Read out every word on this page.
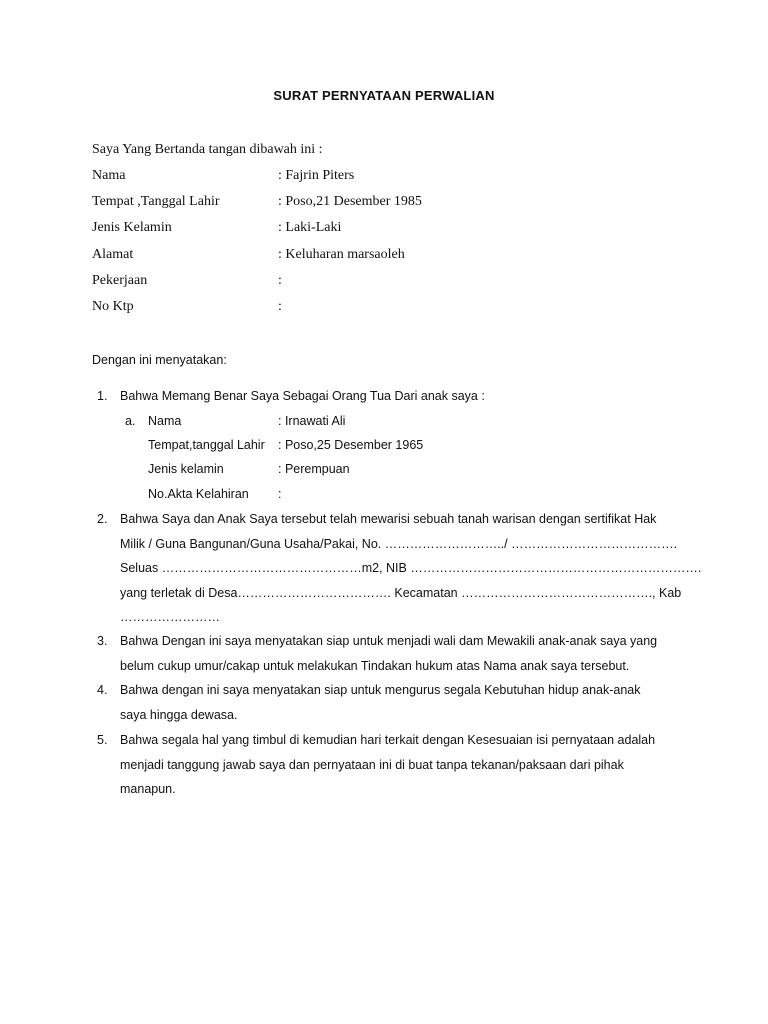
SURAT PERNYATAAN PERWALIAN
Saya Yang Bertanda tangan dibawah ini :
Nama	: Fajrin Piters
Tempat ,Tanggal Lahir	: Poso,21 Desember 1985
Jenis Kelamin	: Laki-Laki
Alamat	: Keluharan marsaoleh
Pekerjaan	:
No Ktp	:
Dengan ini menyatakan:
1. Bahwa Memang Benar Saya Sebagai Orang Tua Dari anak saya :
a. Nama	: Irnawati Ali
Tempat,tanggal Lahir : Poso,25 Desember 1965
Jenis kelamin	: Perempuan
No.Akta Kelahiran :
2. Bahwa Saya dan Anak Saya tersebut telah mewarisi sebuah tanah warisan dengan sertifikat Hak
Milik / Guna Bangunan/Guna Usaha/Pakai, No. ………………………../ ………………………………….
Seluas …………………………………………m2, NIB …………………………………………………………….
yang terletak di Desa………………………………. Kecamatan ………………………………………., Kab
……………………
3. Bahwa Dengan ini saya menyatakan siap untuk menjadi wali dam Mewakili anak-anak saya yang
belum cukup umur/cakap untuk melakukan Tindakan hukum atas Nama anak saya tersebut.
4. Bahwa dengan ini saya menyatakan siap untuk mengurus segala Kebutuhan hidup anak-anak
saya hingga dewasa.
5. Bahwa segala hal yang timbul di kemudian hari terkait dengan Kesesuaian isi pernyataan adalah
menjadi tanggung jawab saya dan pernyataan ini di buat tanpa tekanan/paksaan dari pihak
manapun.
